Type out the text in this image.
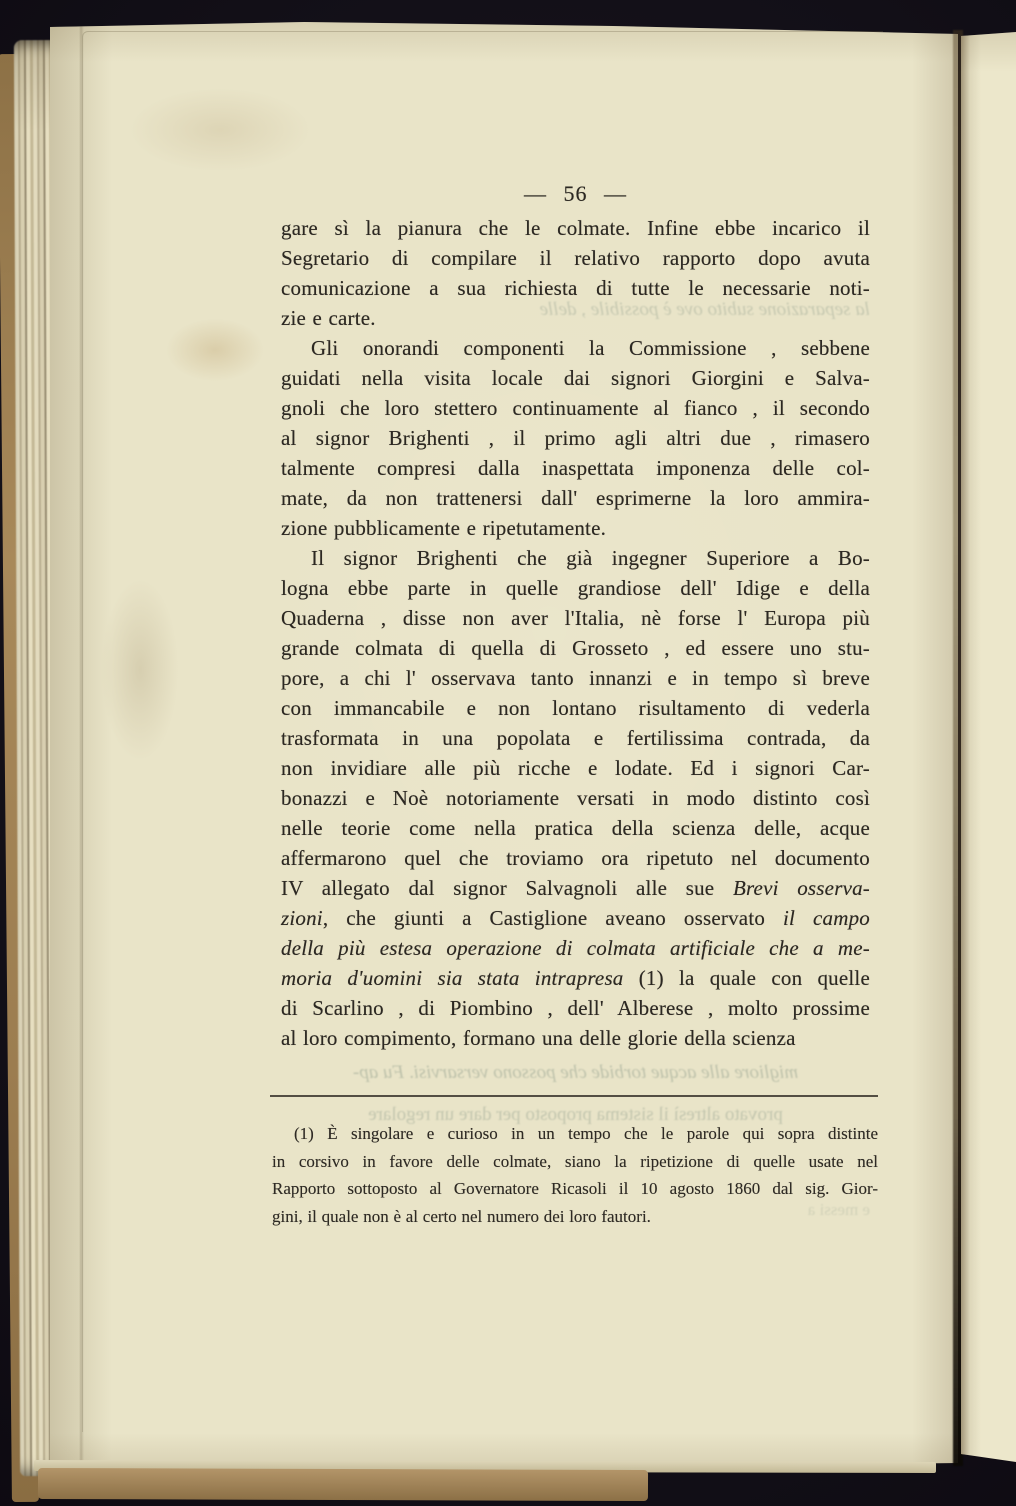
la separazione subito ove è possibile , delle
migliore alle acque torbide che possono versarvisi. Fu ap-
provato altresì il sistema proposto per dare un regolare
e messi a
— 56 —
gare sì la pianura che le colmate. Infine ebbe incarico il
Segretario di compilare il relativo rapporto dopo avuta
comunicazione a sua richiesta di tutte le necessarie noti-
zie e carte.
Gli onorandi componenti la Commissione , sebbene
guidati nella visita locale dai signori Giorgini e Salva-
gnoli che loro stettero continuamente al fianco , il secondo
al signor Brighenti , il primo agli altri due , rimasero
talmente compresi dalla inaspettata imponenza delle col-
mate, da non trattenersi dall' esprimerne la loro ammira-
zione pubblicamente e ripetutamente.
Il signor Brighenti che già ingegner Superiore a Bo-
logna ebbe parte in quelle grandiose dell' Idige e della
Quaderna , disse non aver l'Italia, nè forse l' Europa più
grande colmata di quella di Grosseto , ed essere uno stu-
pore, a chi l' osservava tanto innanzi e in tempo sì breve
con immancabile e non lontano risultamento di vederla
trasformata in una popolata e fertilissima contrada, da
non invidiare alle più ricche e lodate. Ed i signori Car-
bonazzi e Noè notoriamente versati in modo distinto così
nelle teorie come nella pratica della scienza delle, acque
affermarono quel che troviamo ora ripetuto nel documento
IV allegato dal signor Salvagnoli alle sue Brevi osserva-
zioni, che giunti a Castiglione aveano osservato il campo
della più estesa operazione di colmata artificiale che a me-
moria d'uomini sia stata intrapresa (1) la quale con quelle
di Scarlino , di Piombino , dell' Alberese , molto prossime
al loro compimento, formano una delle glorie della scienza
(1) È singolare e curioso in un tempo che le parole qui sopra distinte
in corsivo in favore delle colmate, siano la ripetizione di quelle usate nel
Rapporto sottoposto al Governatore Ricasoli il 10 agosto 1860 dal sig. Gior-
gini, il quale non è al certo nel numero dei loro fautori.
